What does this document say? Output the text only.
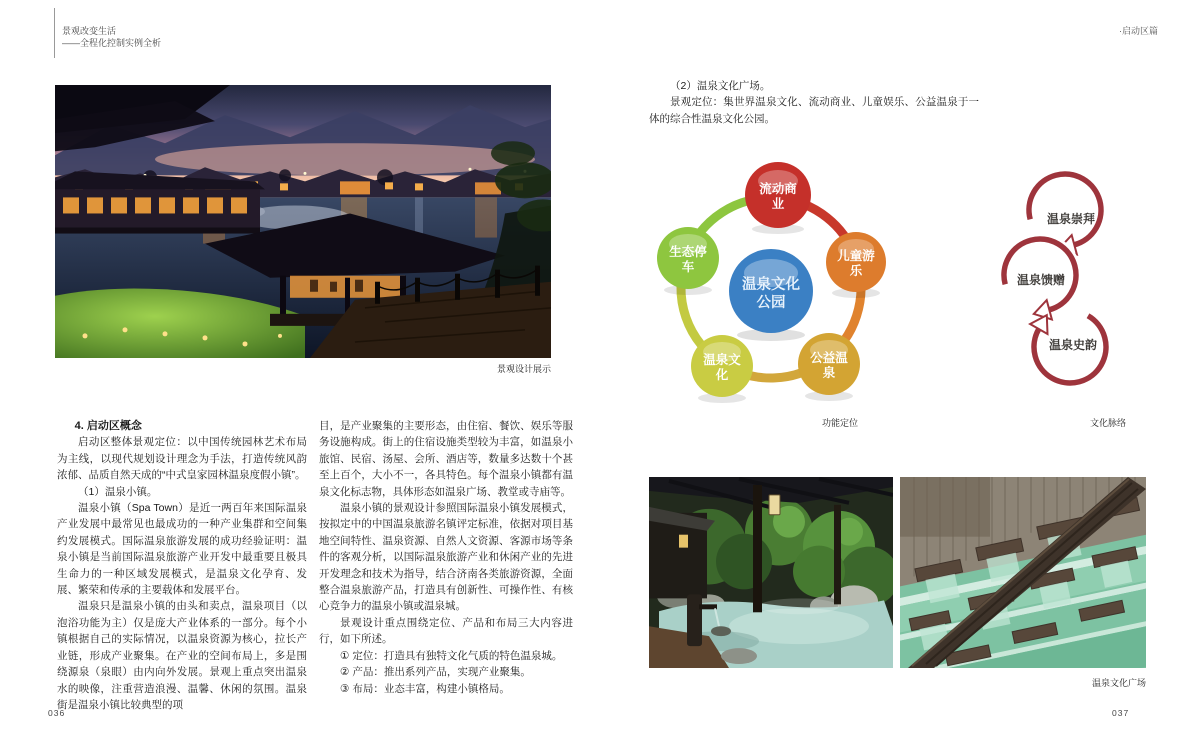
景观改变生活
——全程化控制实例全析
·启动区篇
景观设计展示

4. 启动区概念

启动区整体景观定位：以中国传统园林艺术布局为主线，以现代规划设计理念为手法，打造传统风韵浓郁、品质自然天成的“中式皇家园林温泉度假小镇”。

（1）温泉小镇。

温泉小镇（Spa Town）是近一两百年来国际温泉产业发展中最常见也最成功的一种产业集群和空间集约发展模式。国际温泉旅游发展的成功经验证明：温泉小镇是当前国际温泉旅游产业开发中最重要且极具生命力的一种区域发展模式，是温泉文化孕育、发展、繁荣和传承的主要载体和发展平台。

温泉只是温泉小镇的由头和卖点，温泉项目（以泡浴功能为主）仅是庞大产业体系的一部分。每个小镇根据自己的实际情况，以温泉资源为核心，拉长产业链，形成产业聚集。在产业的空间布局上，多是围绕源泉（泉眼）由内向外发展。景观上重点突出温泉水的映像，注重营造浪漫、温馨、休闲的氛围。温泉街是温泉小镇比较典型的项

目，是产业聚集的主要形态，由住宿、餐饮、娱乐等服务设施构成。街上的住宿设施类型较为丰富，如温泉小旅馆、民宿、汤屋、会所、酒店等，数量多达数十个甚至上百个，大小不一，各具特色。每个温泉小镇都有温泉文化标志物，具体形态如温泉广场、教堂或寺庙等。

温泉小镇的景观设计参照国际温泉小镇发展模式，按拟定中的中国温泉旅游名镇评定标准，依据对项目基地空间特性、温泉资源、自然人文资源、客源市场等条件的客观分析，以国际温泉旅游产业和休闲产业的先进开发理念和技术为指导，结合济南各类旅游资源，全面整合温泉旅游产品，打造具有创新性、可操作性、有核心竞争力的温泉小镇或温泉城。

景观设计重点围绕定位、产品和布局三大内容进行，如下所述。

① 定位：打造具有独特文化气质的特色温泉城。

② 产品：推出系列产品，实现产业聚集。

③ 布局：业态丰富，构建小镇格局。

036

（2）温泉文化广场。

景观定位：集世界温泉文化、流动商业、儿童娱乐、公益温泉于一体的综合性温泉文化公园。

流动商
业
儿童游
乐
公益温
泉
温泉文
化
生态停
车
温泉文化
公园
功能定位
温泉崇拜
温泉馈赠
温泉史韵
文化脉络
温泉文化广场
037
